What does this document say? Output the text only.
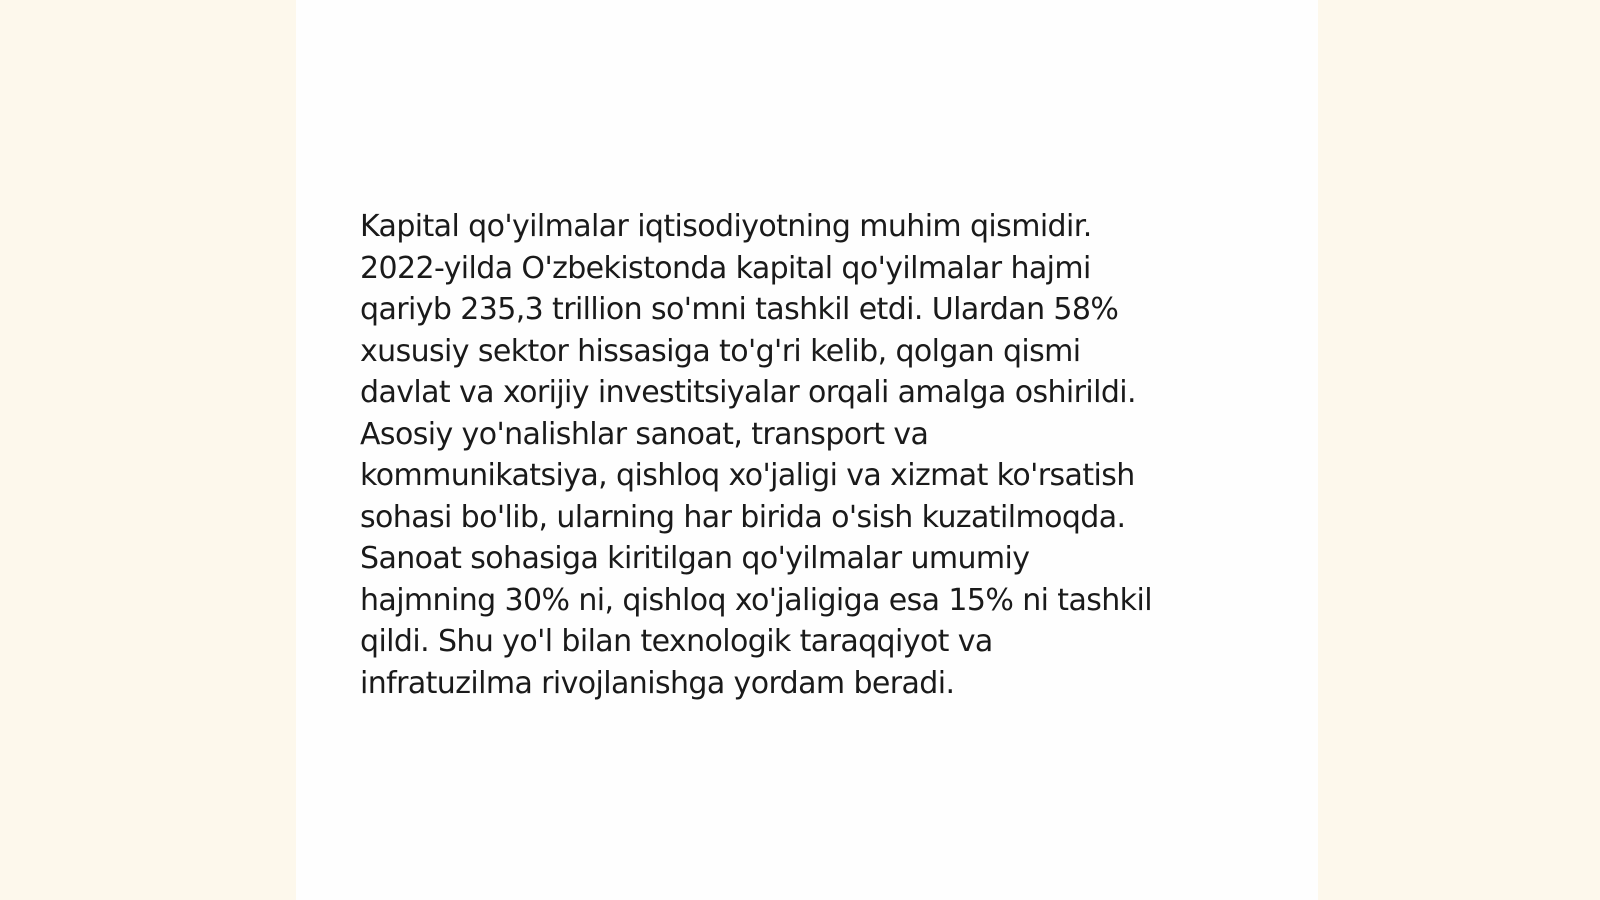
Kapital qo'yilmalar iqtisodiyotning muhim qismidir.
2022-yilda O'zbekistonda kapital qo'yilmalar hajmi
qariyb 235,3 trillion so'mni tashkil etdi. Ulardan 58%
xususiy sektor hissasiga to'g'ri kelib, qolgan qismi
davlat va xorijiy investitsiyalar orqali amalga oshirildi.
Asosiy yo'nalishlar sanoat, transport va
kommunikatsiya, qishloq xo'jaligi va xizmat ko'rsatish
sohasi bo'lib, ularning har birida o'sish kuzatilmoqda.
Sanoat sohasiga kiritilgan qo'yilmalar umumiy
hajmning 30% ni, qishloq xo'jaligiga esa 15% ni tashkil
qildi. Shu yo'l bilan texnologik taraqqiyot va
infratuzilma rivojlanishga yordam beradi.
